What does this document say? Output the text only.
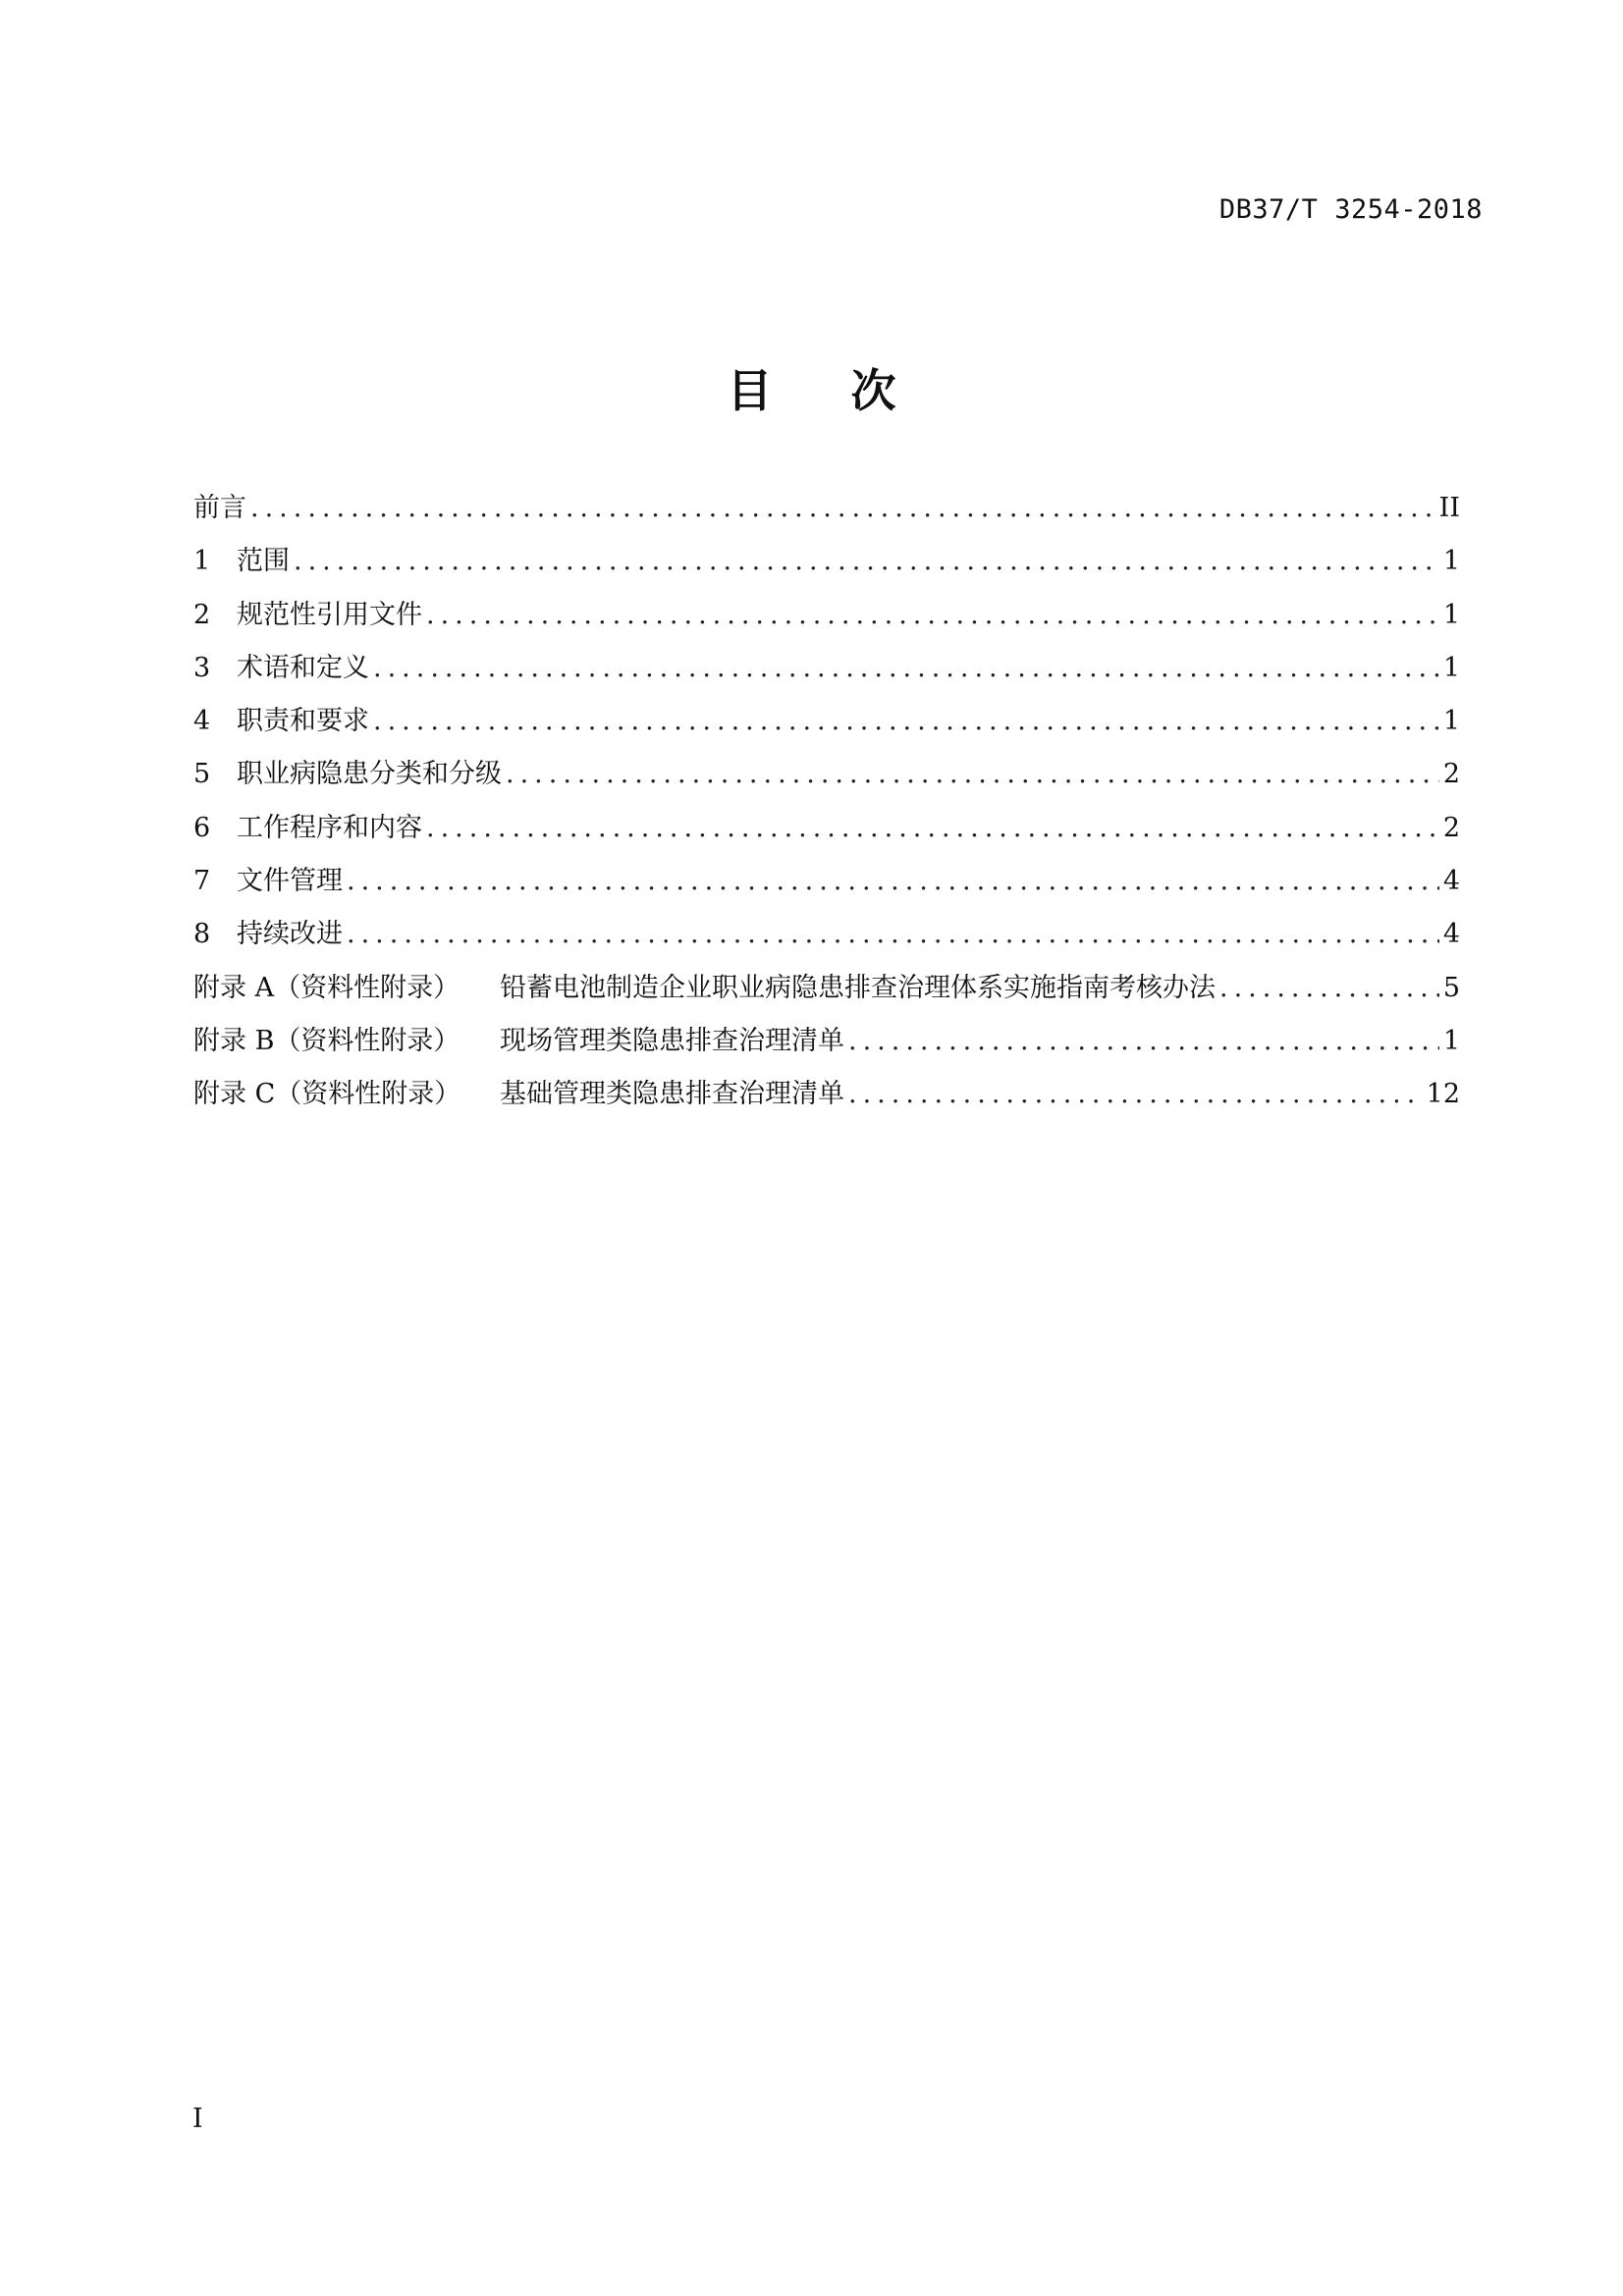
DB37/T 3254-2018
目次
前言 .....	II
1 范围 .....	1
2 规范性引用文件 .....	1
3 术语和定义 .....	1
4 职责和要求 .....	1
5 职业病隐患分类和分级 .....	2
6 工作程序和内容 .....	2
7 文件管理 .....	4
8 持续改进 .....	4
附录 A（资料性附录）	铅蓄电池制造企业职业病隐患排查治理体系实施指南考核办法 .....	5
附录 B（资料性附录）	现场管理类隐患排查治理清单 .....	1
附录 C（资料性附录）	基础管理类隐患排查治理清单 .....	12
I
